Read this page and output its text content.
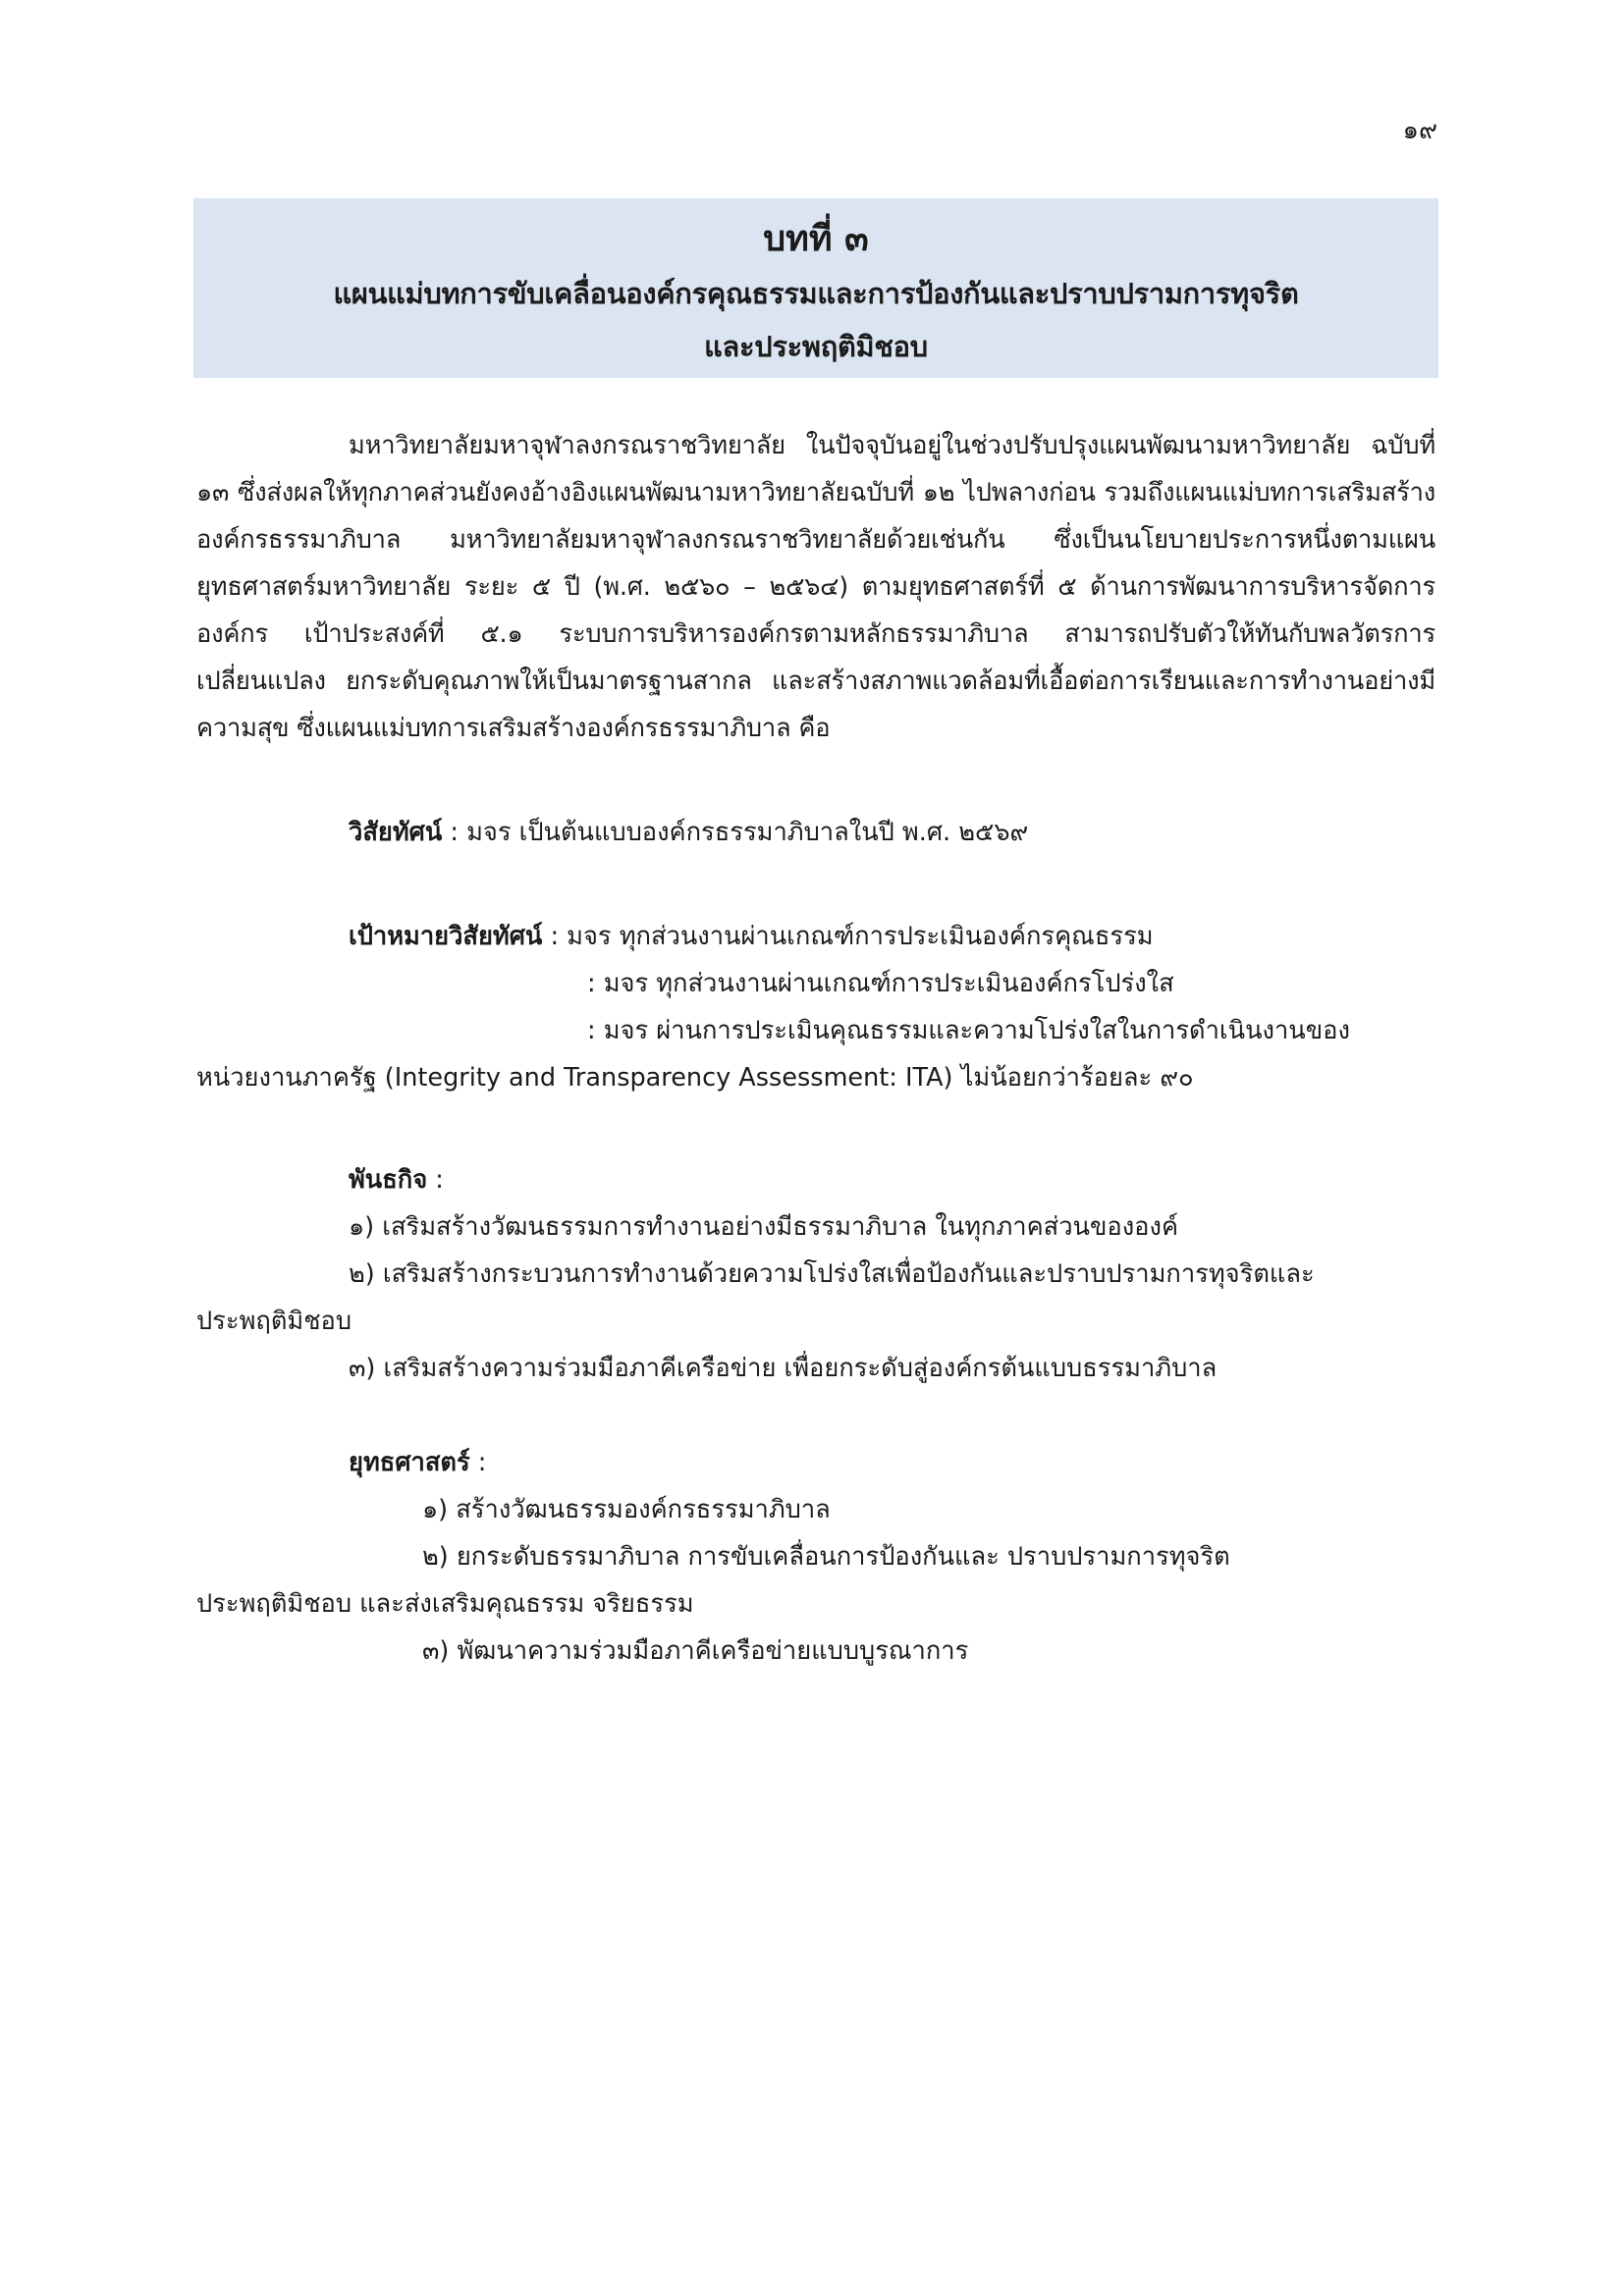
๑๙
บทที่ ๓
แผนแม่บทการขับเคลื่อนองค์กรคุณธรรมและการป้องกันและปราบปรามการทุจริต
และประพฤติมิชอบ

มหาวิทยาลัยมหาจุฬาลงกรณราชวิทยาลัย ในปัจจุบันอยู่ในช่วงปรับปรุงแผนพัฒนามหาวิทยาลัย ฉบับที่ ๑๓ ซึ่งส่งผลให้ทุกภาคส่วนยังคงอ้างอิงแผนพัฒนามหาวิทยาลัยฉบับที่ ๑๒ ไปพลางก่อน รวมถึงแผนแม่บทการเสริมสร้างองค์กรธรรมาภิบาล มหาวิทยาลัยมหาจุฬาลงกรณราชวิทยาลัยด้วยเช่นกัน ซึ่งเป็นนโยบายประการหนึ่งตามแผนยุทธศาสตร์มหาวิทยาลัย ระยะ ๕ ปี (พ.ศ. ๒๕๖๐ – ๒๕๖๔) ตามยุทธศาสตร์ที่ ๕ ด้านการพัฒนาการบริหารจัดการองค์กร เป้าประสงค์ที่ ๕.๑ ระบบการบริหารองค์กรตามหลักธรรมาภิบาล สามารถปรับตัวให้ทันกับพลวัตรการเปลี่ยนแปลง ยกระดับคุณภาพให้เป็นมาตรฐานสากล และสร้างสภาพแวดล้อมที่เอื้อต่อการเรียนและการทำงานอย่างมีความสุข ซึ่งแผนแม่บทการเสริมสร้างองค์กรธรรมาภิบาล คือ

วิสัยทัศน์ : มจร เป็นต้นแบบองค์กรธรรมาภิบาลในปี พ.ศ. ๒๕๖๙

เป้าหมายวิสัยทัศน์ : มจร ทุกส่วนงานผ่านเกณฑ์การประเมินองค์กรคุณธรรม

: มจร ทุกส่วนงานผ่านเกณฑ์การประเมินองค์กรโปร่งใส

: มจร ผ่านการประเมินคุณธรรมและความโปร่งใสในการดำเนินงานของ

หน่วยงานภาครัฐ (Integrity and Transparency Assessment: ITA) ไม่น้อยกว่าร้อยละ ๙๐

พันธกิจ :

๑) เสริมสร้างวัฒนธรรมการทำงานอย่างมีธรรมาภิบาล ในทุกภาคส่วนขององค์

๒) เสริมสร้างกระบวนการทำงานด้วยความโปร่งใสเพื่อป้องกันและปราบปรามการทุจริตและ

ประพฤติมิชอบ

๓) เสริมสร้างความร่วมมือภาคีเครือข่าย เพื่อยกระดับสู่องค์กรต้นแบบธรรมาภิบาล

ยุทธศาสตร์ :

๑) สร้างวัฒนธรรมองค์กรธรรมาภิบาล

๒) ยกระดับธรรมาภิบาล การขับเคลื่อนการป้องกันและ ปราบปรามการทุจริต

ประพฤติมิชอบ และส่งเสริมคุณธรรม จริยธรรม

๓) พัฒนาความร่วมมือภาคีเครือข่ายแบบบูรณาการ
